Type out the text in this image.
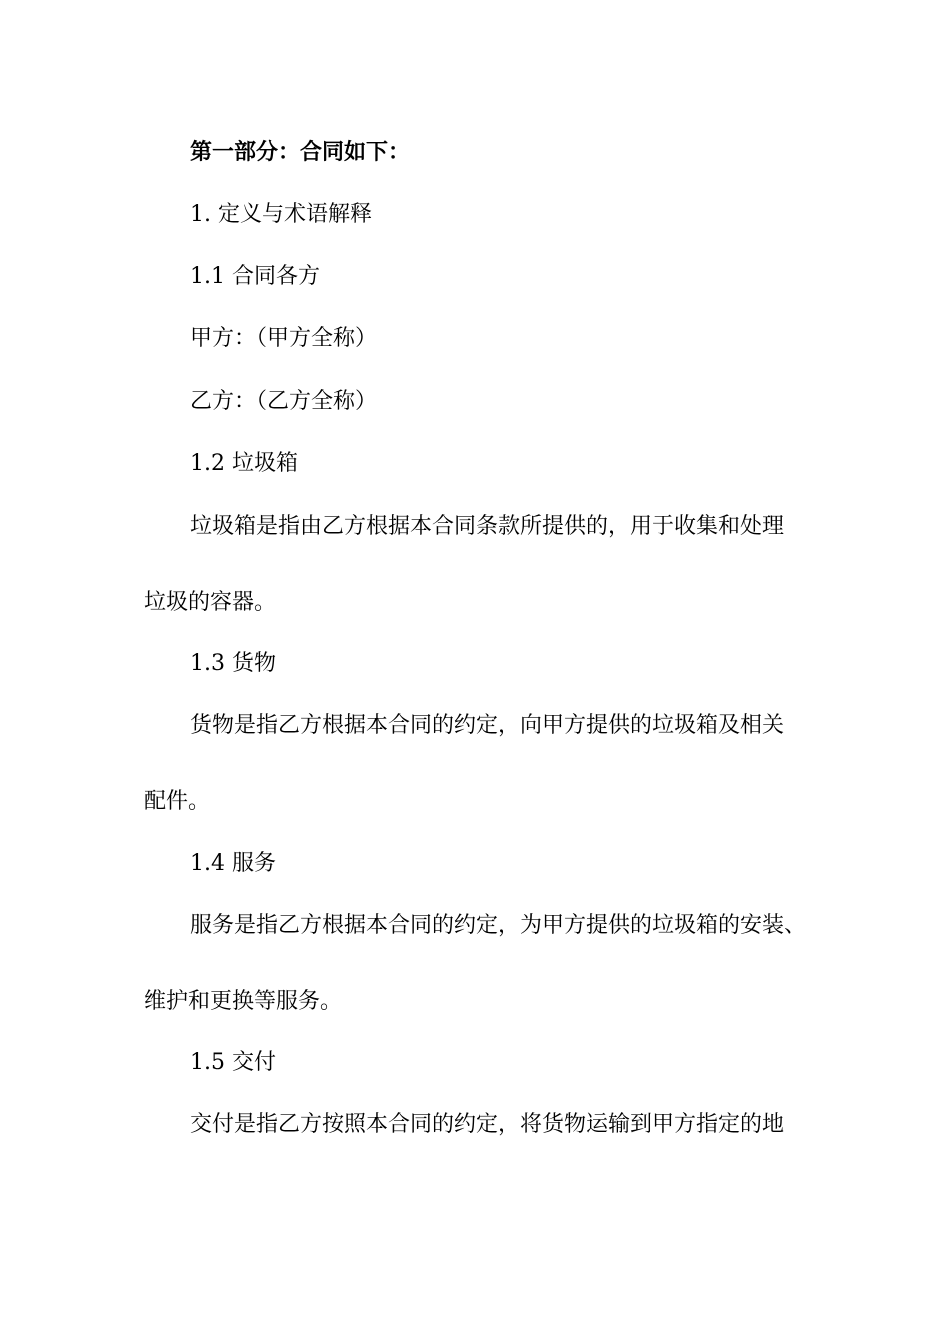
第一部分：合同如下：
1. 定义与术语解释
1.1 合同各方
甲方：（甲方全称）
乙方：（乙方全称）
1.2 垃圾箱
垃圾箱是指由乙方根据本合同条款所提供的，用于收集和处理
垃圾的容器。
1.3 货物
货物是指乙方根据本合同的约定，向甲方提供的垃圾箱及相关
配件。
1.4 服务
服务是指乙方根据本合同的约定，为甲方提供的垃圾箱的安装、
维护和更换等服务。
1.5 交付
交付是指乙方按照本合同的约定，将货物运输到甲方指定的地
